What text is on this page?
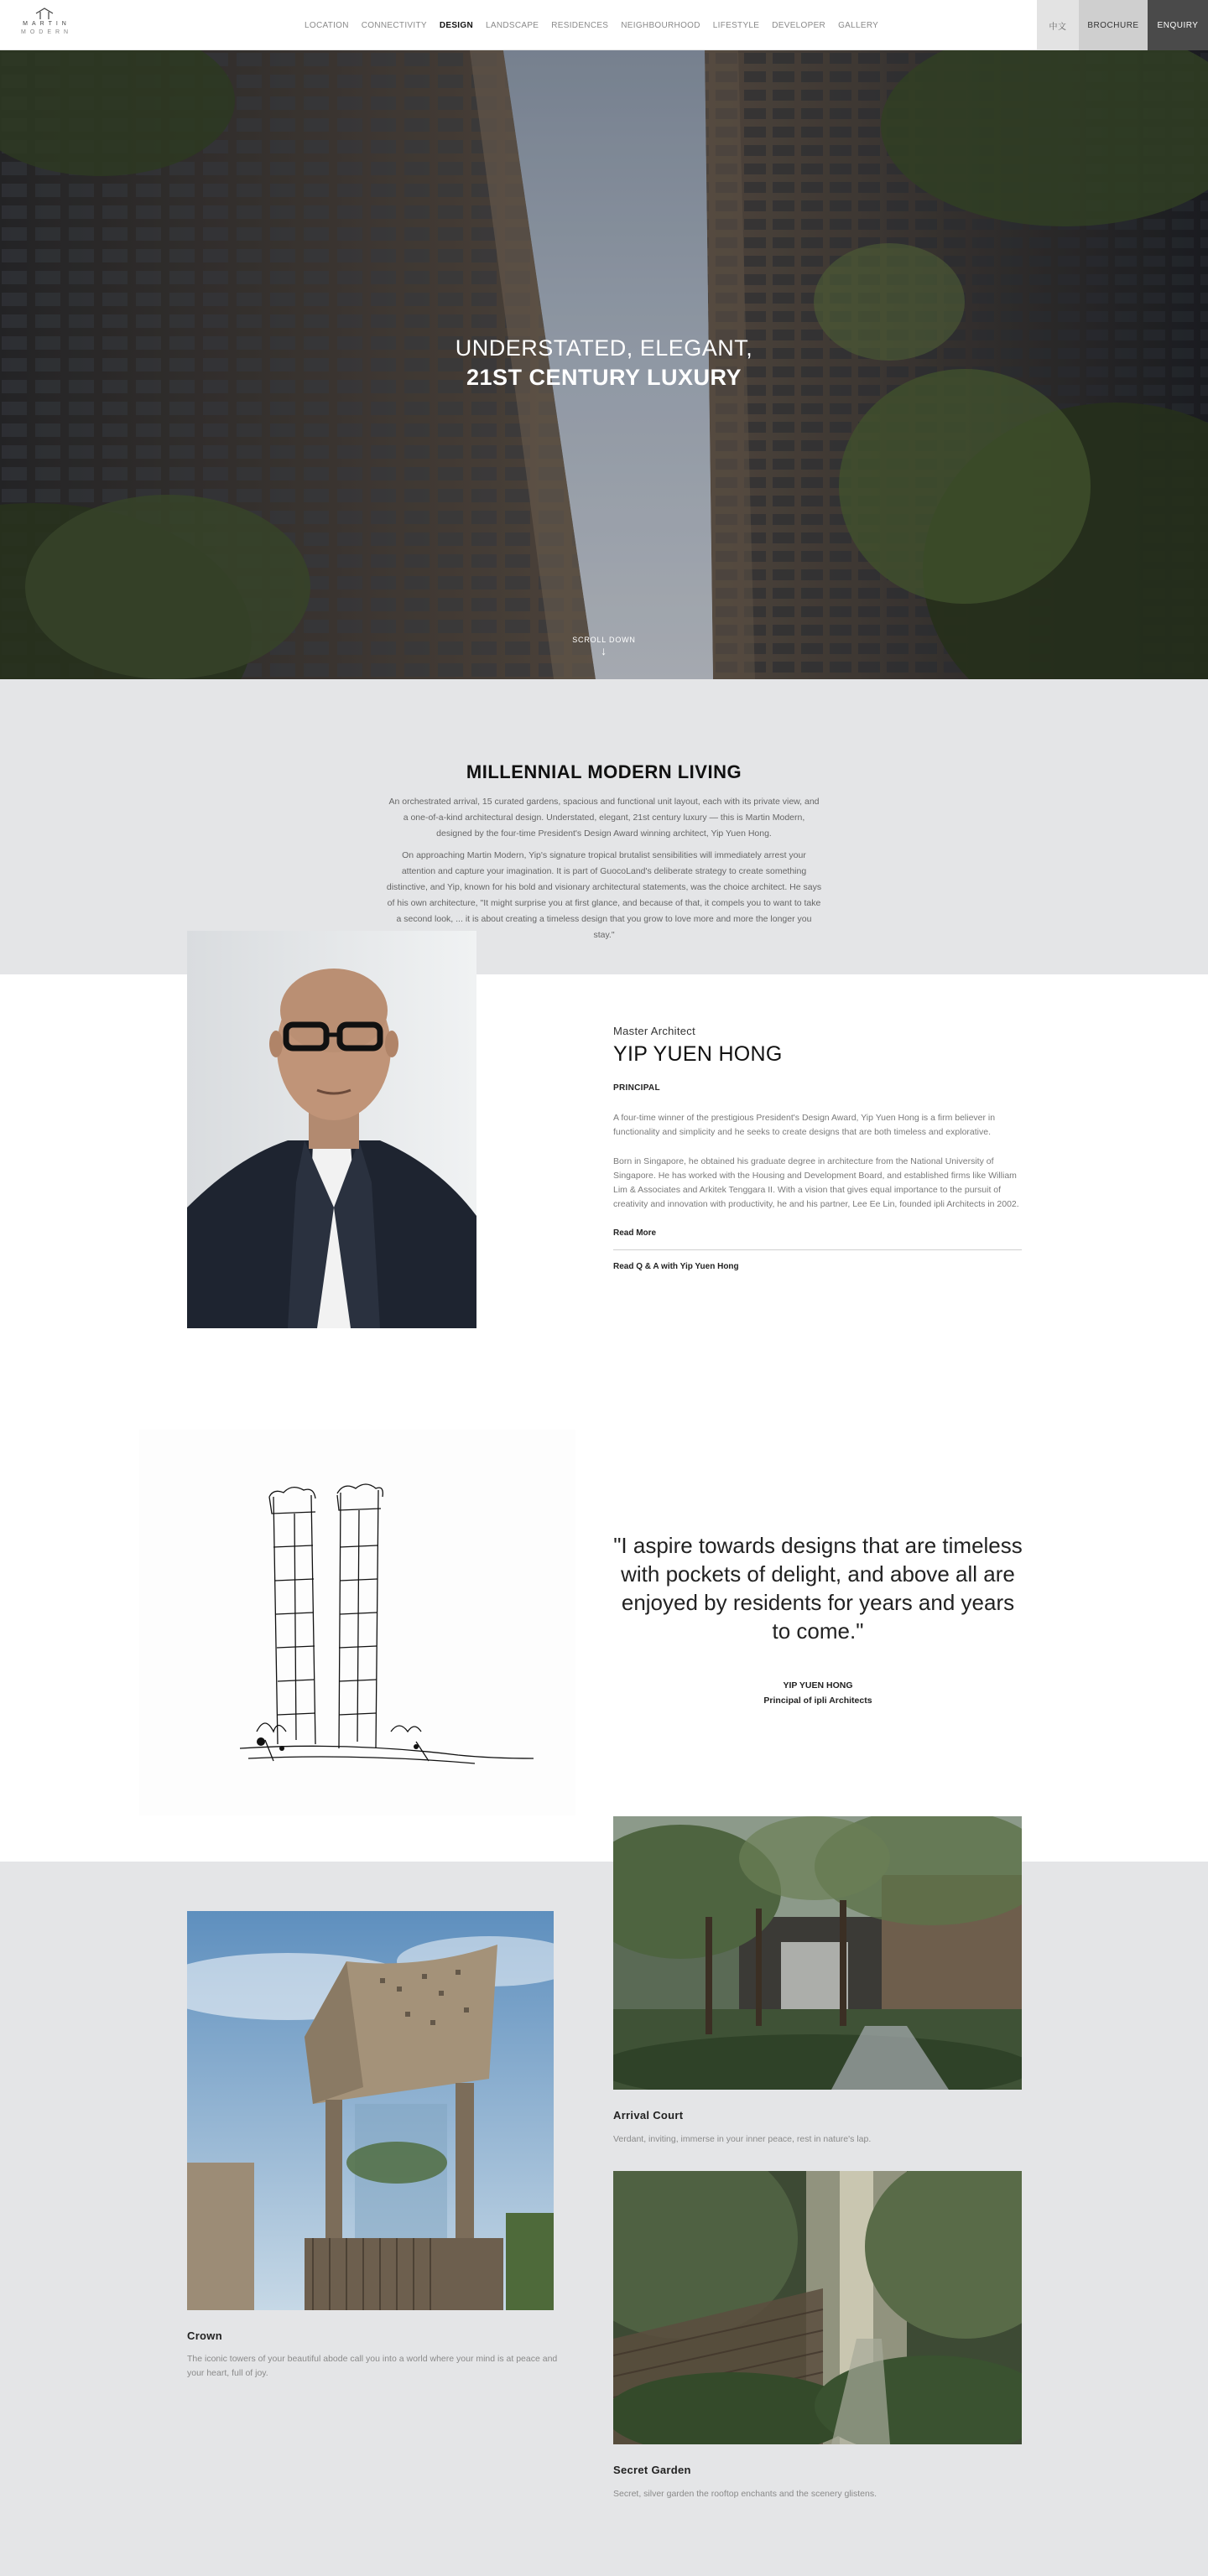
MARTIN
MODERN
LOCATION CONNECTIVITY DESIGN LANDSCAPE RESIDENCES NEIGHBOURHOOD LIFESTYLE DEVELOPER GALLERY	中文	BROCHURE	ENQUIRY
UNDERSTATED, ELEGANT,
21ST CENTURY LUXURY
SCROLL DOWN
↓
MILLENNIAL MODERN LIVING

An orchestrated arrival, 15 curated gardens, spacious and functional unit layout, each with its private view, and a one-of-a-kind architectural design. Understated, elegant, 21st century luxury — this is Martin Modern, designed by the four-time President's Design Award winning architect, Yip Yuen Hong.

On approaching Martin Modern, Yip's signature tropical brutalist sensibilities will immediately arrest your attention and capture your imagination. It is part of GuocoLand's deliberate strategy to create something distinctive, and Yip, known for his bold and visionary architectural statements, was the choice architect. He says of his own architecture, "It might surprise you at first glance, and because of that, it compels you to want to take a second look, ... it is about creating a timeless design that you grow to love more and more the longer you stay."

Master Architect
YIP YUEN HONG
PRINCIPAL
A four-time winner of the prestigious President's Design Award, Yip Yuen Hong is a firm believer in functionality and simplicity and he seeks to create designs that are both timeless and explorative.
Born in Singapore, he obtained his graduate degree in architecture from the National University of Singapore. He has worked with the Housing and Development Board, and established firms like William Lim & Associates and Arkitek Tenggara II. With a vision that gives equal importance to the pursuit of creativity and innovation with productivity, he and his partner, Lee Ee Lin, founded ipli Architects in 2002.
Read More
Read Q & A with Yip Yuen Hong
"I aspire towards designs that are timeless with pockets of delight, and above all are enjoyed by residents for years and years to come."
YIP YUEN HONG
Principal of ipli Architects
Arrival Court
Verdant, inviting, immerse in your inner peace, rest in nature's lap.
Crown
The iconic towers of your beautiful abode call you into a world where your mind is at peace and your heart, full of joy.
Secret Garden
Secret, silver garden the rooftop enchants and the scenery glistens.
